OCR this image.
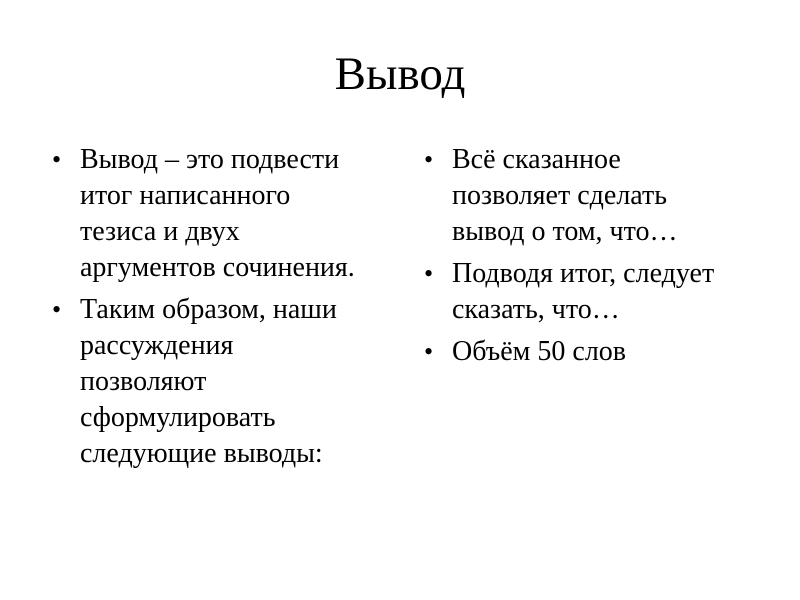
Вывод
• Вывод – это подвести
итог написанного
тезиса и двух
аргументов сочинения.
• Таким образом, наши
рассуждения
позволяют
сформулировать
следующие выводы:
• Всё сказанное
позволяет сделать
вывод о том, что…
• Подводя итог, следует
сказать, что…
• Объём 50 слов
